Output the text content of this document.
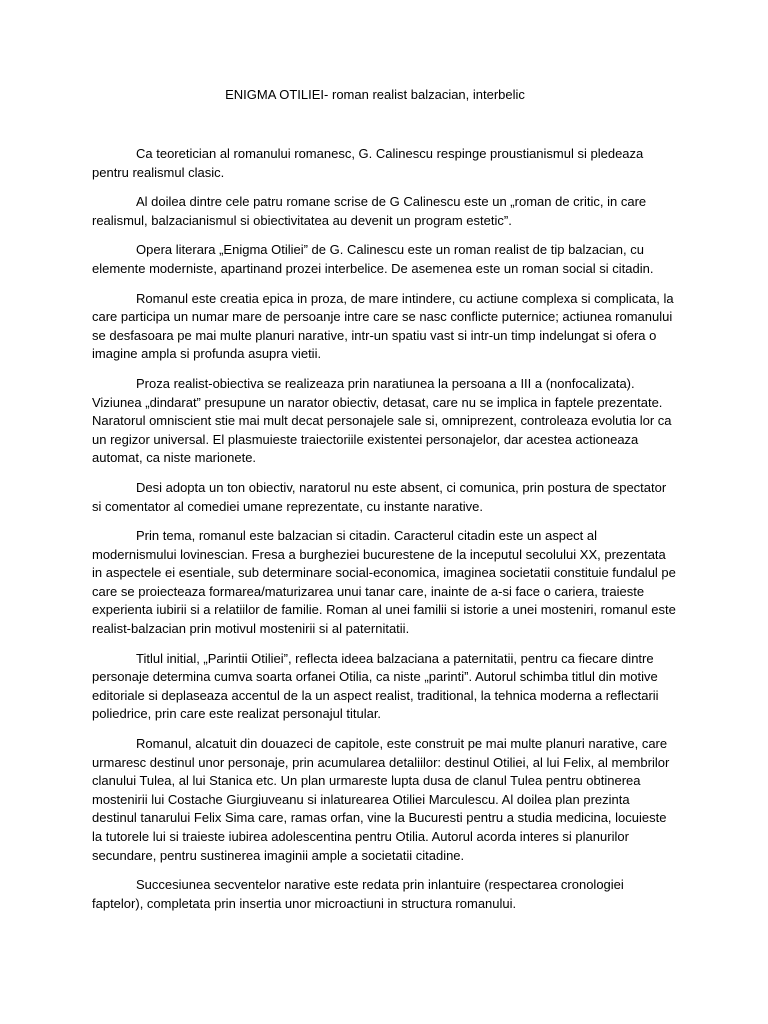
ENIGMA OTILIEI- roman realist balzacian, interbelic

Ca teoretician al romanului romanesc, G. Calinescu respinge proustianismul si pledeaza pentru realismul clasic.

Al doilea dintre cele patru romane scrise de G Calinescu este un „roman de critic, in care realismul, balzacianismul si obiectivitatea au devenit un program estetic”.

Opera literara „Enigma Otiliei” de G. Calinescu este un roman realist de tip balzacian, cu elemente moderniste, apartinand prozei interbelice. De asemenea este un roman social si citadin.

Romanul este creatia epica in proza, de mare intindere, cu actiune complexa si complicata, la care participa un numar mare de persoanje intre care se nasc conflicte puternice; actiunea romanului se desfasoara pe mai multe planuri narative, intr-un spatiu vast si intr-un timp indelungat si ofera o imagine ampla si profunda asupra vietii.

Proza realist-obiectiva se realizeaza prin naratiunea la persoana a III a (nonfocalizata). Viziunea „dindarat” presupune un narator obiectiv, detasat, care nu se implica in faptele prezentate. Naratorul omniscient stie mai mult decat personajele sale si, omniprezent, controleaza evolutia lor ca un regizor universal. El plasmuieste traiectoriile existentei personajelor, dar acestea actioneaza automat, ca niste marionete.

Desi adopta un ton obiectiv, naratorul nu este absent, ci comunica, prin postura de spectator si comentator al comediei umane reprezentate, cu instante narative.

Prin tema, romanul este balzacian si citadin. Caracterul citadin este un aspect al modernismului lovinescian. Fresa a burgheziei bucurestene de la inceputul secolului XX, prezentata in aspectele ei esentiale, sub determinare social-economica, imaginea societatii constituie fundalul pe care se proiecteaza formarea/maturizarea unui tanar care, inainte de a-si face o cariera, traieste experienta iubirii si a relatiilor de familie. Roman al unei familii si istorie a unei mosteniri, romanul este realist-balzacian prin motivul mostenirii si al paternitatii.

Titlul initial, „Parintii Otiliei”, reflecta ideea balzaciana a paternitatii, pentru ca fiecare dintre personaje determina cumva soarta orfanei Otilia, ca niste „parinti”. Autorul schimba titlul din motive editoriale si deplaseaza accentul de la un aspect realist, traditional, la tehnica moderna a reflectarii poliedrice, prin care este realizat personajul titular.

Romanul, alcatuit din douazeci de capitole, este construit pe mai multe planuri narative, care urmaresc destinul unor personaje, prin acumularea detaliilor: destinul Otiliei, al lui Felix, al membrilor clanului Tulea, al lui Stanica etc. Un plan urmareste lupta dusa de clanul Tulea pentru obtinerea mostenirii lui Costache Giurgiuveanu si inlaturearea Otiliei Marculescu. Al doilea plan prezinta destinul tanarului Felix Sima care, ramas orfan, vine la Bucuresti pentru a studia medicina, locuieste la tutorele lui si traieste iubirea adolescentina pentru Otilia. Autorul acorda interes si planurilor secundare, pentru sustinerea imaginii ample a societatii citadine.

Succesiunea secventelor narative este redata prin inlantuire (respectarea cronologiei faptelor), completata prin insertia unor microactiuni in structura romanului.
